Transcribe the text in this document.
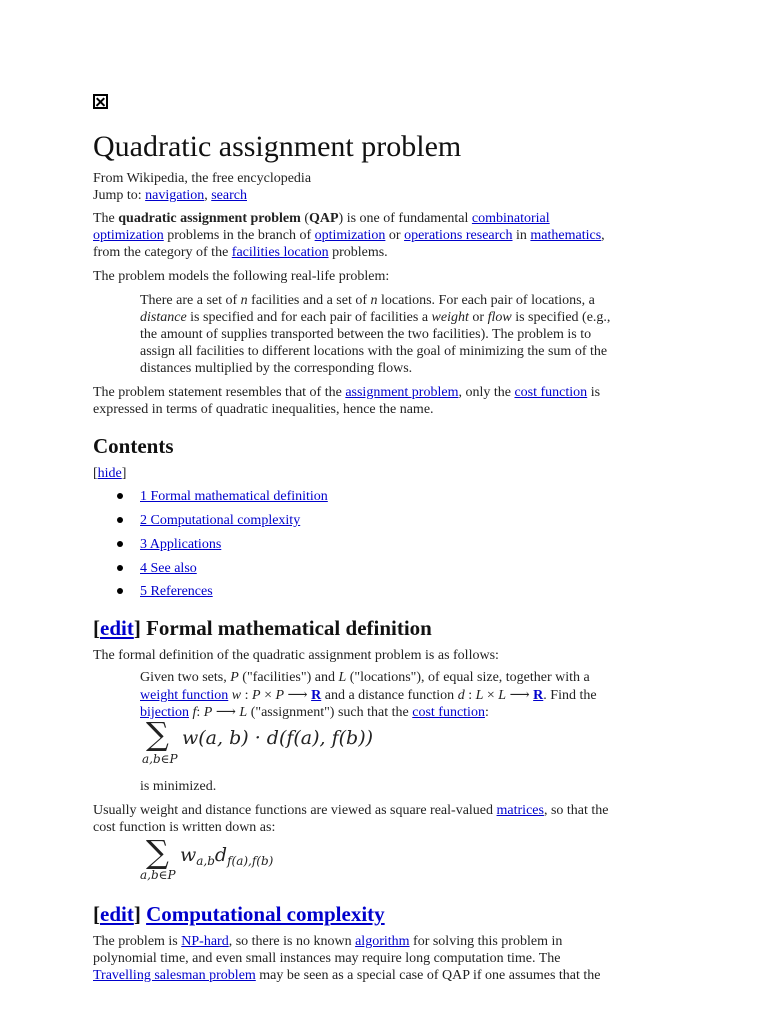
Quadratic assignment problem
From Wikipedia, the free encyclopedia
Jump to: navigation, search
The quadratic assignment problem (QAP) is one of fundamental combinatorial
optimization problems in the branch of optimization or operations research in mathematics,
from the category of the facilities location problems.
The problem models the following real-life problem:
There are a set of n facilities and a set of n locations. For each pair of locations, a
distance is specified and for each pair of facilities a weight or flow is specified (e.g.,
the amount of supplies transported between the two facilities). The problem is to
assign all facilities to different locations with the goal of minimizing the sum of the
distances multiplied by the corresponding flows.
The problem statement resembles that of the assignment problem, only the cost function is
expressed in terms of quadratic inequalities, hence the name.
Contents
[hide]
1 Formal mathematical definition
2 Computational complexity
3 Applications
4 See also
5 References
[edit] Formal mathematical definition
The formal definition of the quadratic assignment problem is as follows:
Given two sets, P ("facilities") and L ("locations"), of equal size, together with a
weight function w : P × P ⟶ R and a distance function d : L × L ⟶ R. Find the
bijection f: P ⟶ L ("assignment") such that the cost function:
∑
a,b∈P
w(a, b) · d(f(a), f(b))
is minimized.
Usually weight and distance functions are viewed as square real-valued matrices, so that the
cost function is written down as:
∑
a,b∈P
wa,bdf(a),f(b)
[edit] Computational complexity
The problem is NP-hard, so there is no known algorithm for solving this problem in
polynomial time, and even small instances may require long computation time. The
Travelling salesman problem may be seen as a special case of QAP if one assumes that the
